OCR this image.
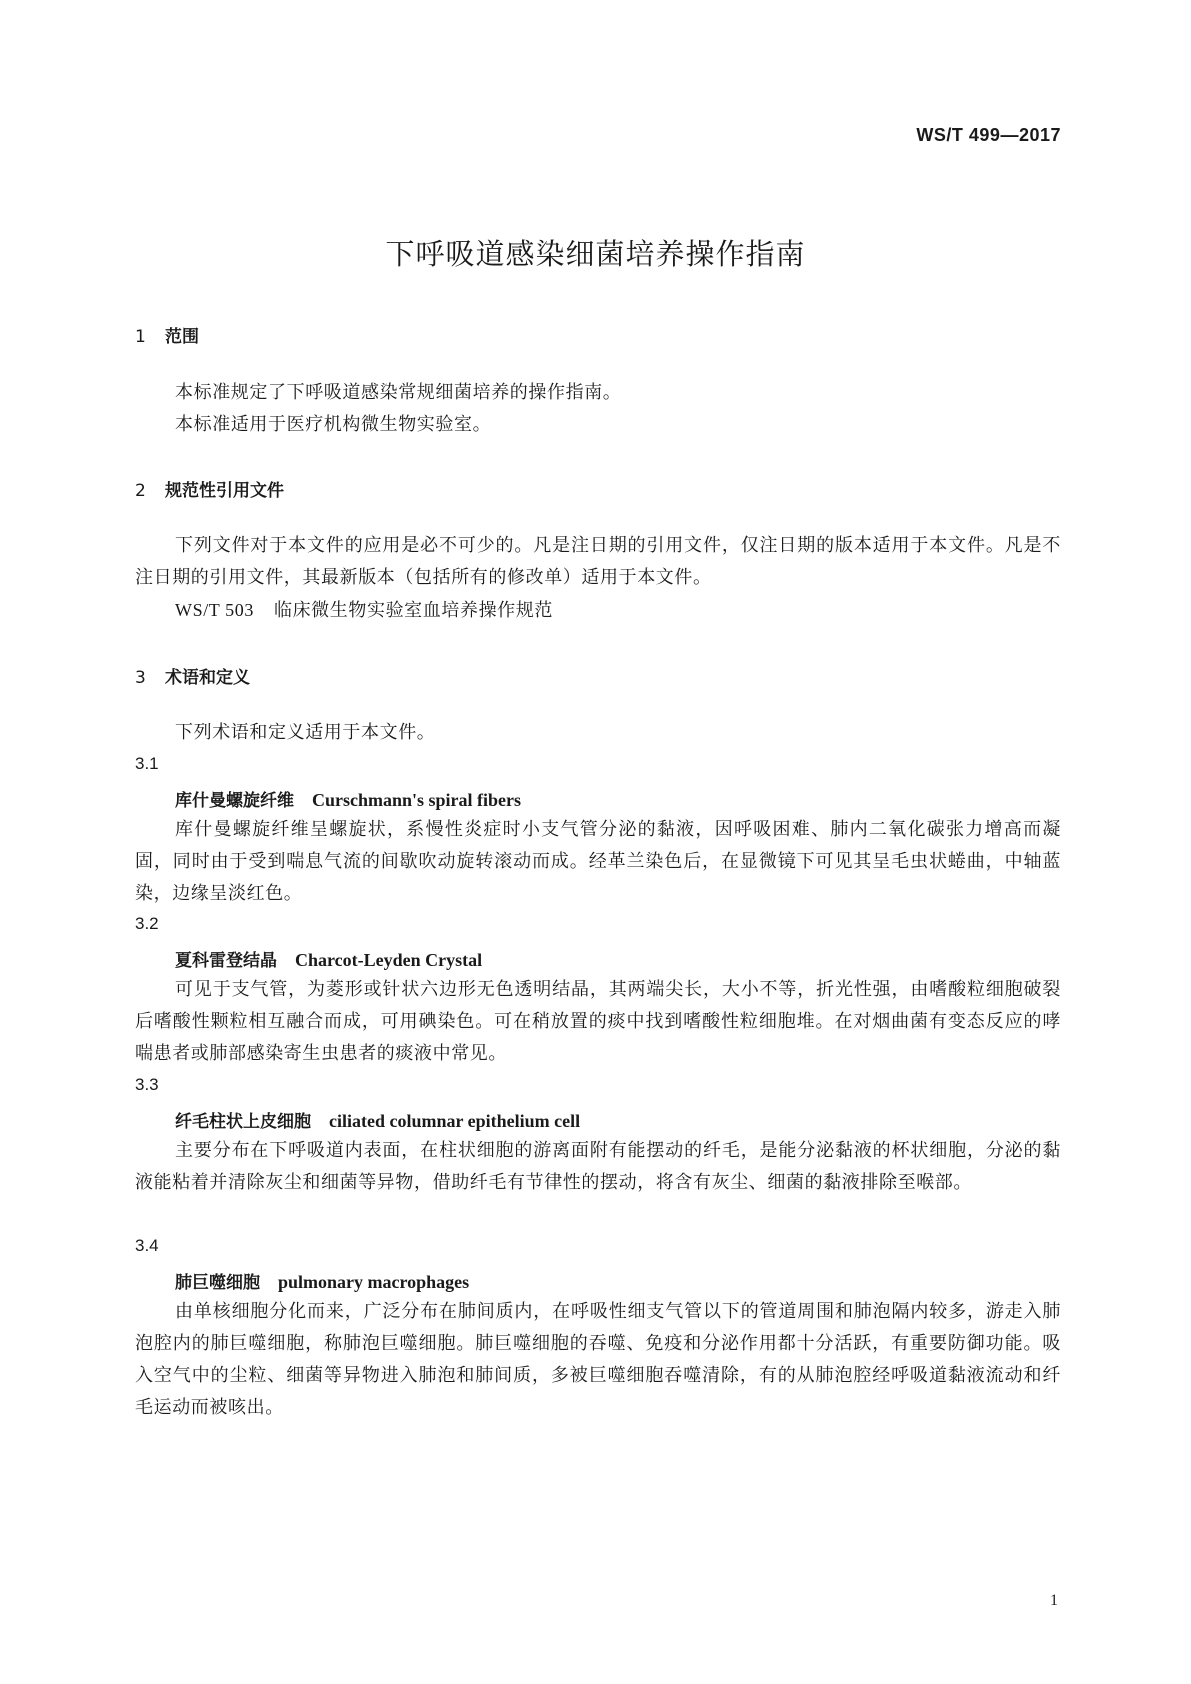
WS/T 499—2017
下呼吸道感染细菌培养操作指南
1 范围
本标准规定了下呼吸道感染常规细菌培养的操作指南。
本标准适用于医疗机构微生物实验室。
2 规范性引用文件
下列文件对于本文件的应用是必不可少的。凡是注日期的引用文件，仅注日期的版本适用于本文件。凡是不注日期的引用文件，其最新版本（包括所有的修改单）适用于本文件。
WS/T 503 临床微生物实验室血培养操作规范
3 术语和定义
下列术语和定义适用于本文件。
3.1
库什曼螺旋纤维 Curschmann's spiral fibers
库什曼螺旋纤维呈螺旋状，系慢性炎症时小支气管分泌的黏液，因呼吸困难、肺内二氧化碳张力增高而凝固，同时由于受到喘息气流的间歇吹动旋转滚动而成。经革兰染色后，在显微镜下可见其呈毛虫状蜷曲，中轴蓝染，边缘呈淡红色。
3.2
夏科雷登结晶 Charcot-Leyden Crystal
可见于支气管，为菱形或针状六边形无色透明结晶，其两端尖长，大小不等，折光性强，由嗜酸粒细胞破裂后嗜酸性颗粒相互融合而成，可用碘染色。可在稍放置的痰中找到嗜酸性粒细胞堆。在对烟曲菌有变态反应的哮喘患者或肺部感染寄生虫患者的痰液中常见。
3.3
纤毛柱状上皮细胞 ciliated columnar epithelium cell
主要分布在下呼吸道内表面，在柱状细胞的游离面附有能摆动的纤毛，是能分泌黏液的杯状细胞，分泌的黏液能粘着并清除灰尘和细菌等异物，借助纤毛有节律性的摆动，将含有灰尘、细菌的黏液排除至喉部。
3.4
肺巨噬细胞 pulmonary macrophages
由单核细胞分化而来，广泛分布在肺间质内，在呼吸性细支气管以下的管道周围和肺泡隔内较多，游走入肺泡腔内的肺巨噬细胞，称肺泡巨噬细胞。肺巨噬细胞的吞噬、免疫和分泌作用都十分活跃，有重要防御功能。吸入空气中的尘粒、细菌等异物进入肺泡和肺间质，多被巨噬细胞吞噬清除，有的从肺泡腔经呼吸道黏液流动和纤毛运动而被咳出。
1
